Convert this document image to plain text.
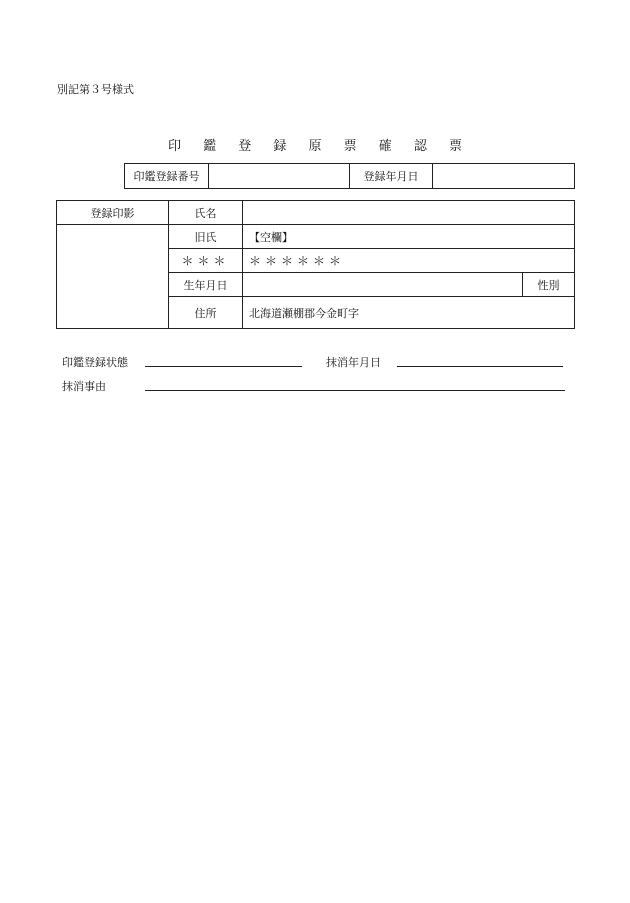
別記第３号様式
印 鑑 登 録 原 票 確 認 票
印鑑登録番号		登録年月日	
登録印影	氏名		
	旧氏	【空欄】	
	＊＊＊	＊＊＊＊＊＊	
	生年月日		性別
	住所	北海道瀬棚郡今金町字	
印鑑登録状態	抹消年月日
抹消事由
